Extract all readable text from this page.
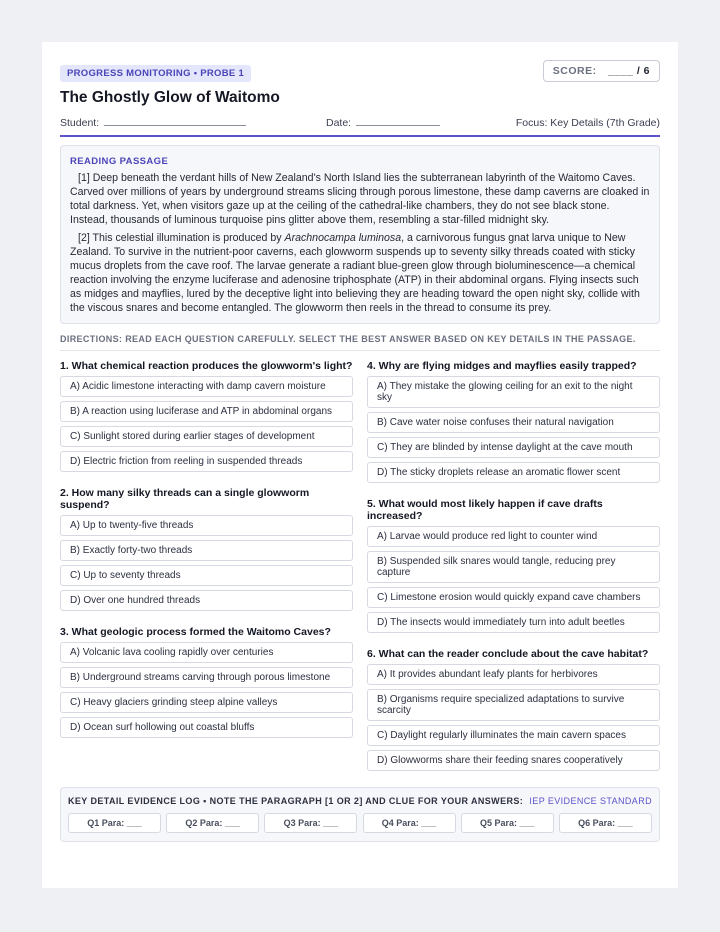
PROGRESS MONITORING • PROBE 1	SCORE: ____ / 6
The Ghostly Glow of Waitomo
Student:	Date:	Focus: Key Details (7th Grade)
READING PASSAGE

[1] Deep beneath the verdant hills of New Zealand's North Island lies the subterranean labyrinth of the Waitomo Caves. Carved over millions of years by underground streams slicing through porous limestone, these damp caverns are cloaked in total darkness. Yet, when visitors gaze up at the ceiling of the cathedral-like chambers, they do not see black stone. Instead, thousands of luminous turquoise pins glitter above them, resembling a star-filled midnight sky.

[2] This celestial illumination is produced by Arachnocampa luminosa, a carnivorous fungus gnat larva unique to New Zealand. To survive in the nutrient-poor caverns, each glowworm suspends up to seventy silky threads coated with sticky mucus droplets from the cave roof. The larvae generate a radiant blue-green glow through bioluminescence—a chemical reaction involving the enzyme luciferase and adenosine triphosphate (ATP) in their abdominal organs. Flying insects such as midges and mayflies, lured by the deceptive light into believing they are heading toward the open night sky, collide with the viscous snares and become entangled. The glowworm then reels in the thread to consume its prey.

DIRECTIONS: READ EACH QUESTION CAREFULLY. SELECT THE BEST ANSWER BASED ON KEY DETAILS IN THE PASSAGE.
1. What chemical reaction produces the glowworm's light?
A) Acidic limestone interacting with damp cavern moisture
B) A reaction using luciferase and ATP in abdominal organs
C) Sunlight stored during earlier stages of development
D) Electric friction from reeling in suspended threads
2. How many silky threads can a single glowworm suspend?
A) Up to twenty-five threads
B) Exactly forty-two threads
C) Up to seventy threads
D) Over one hundred threads
3. What geologic process formed the Waitomo Caves?
A) Volcanic lava cooling rapidly over centuries
B) Underground streams carving through porous limestone
C) Heavy glaciers grinding steep alpine valleys
D) Ocean surf hollowing out coastal bluffs
4. Why are flying midges and mayflies easily trapped?
A) They mistake the glowing ceiling for an exit to the night sky
B) Cave water noise confuses their natural navigation
C) They are blinded by intense daylight at the cave mouth
D) The sticky droplets release an aromatic flower scent
5. What would most likely happen if cave drafts increased?
A) Larvae would produce red light to counter wind
B) Suspended silk snares would tangle, reducing prey capture
C) Limestone erosion would quickly expand cave chambers
D) The insects would immediately turn into adult beetles
6. What can the reader conclude about the cave habitat?
A) It provides abundant leafy plants for herbivores
B) Organisms require specialized adaptations to survive scarcity
C) Daylight regularly illuminates the main cavern spaces
D) Glowworms share their feeding snares cooperatively
KEY DETAIL EVIDENCE LOG • NOTE THE PARAGRAPH [1 OR 2] AND CLUE FOR YOUR ANSWERS: IEP EVIDENCE STANDARD
Q1 Para: ___	Q2 Para: ___	Q3 Para: ___	Q4 Para: ___	Q5 Para: ___	Q6 Para: ___
